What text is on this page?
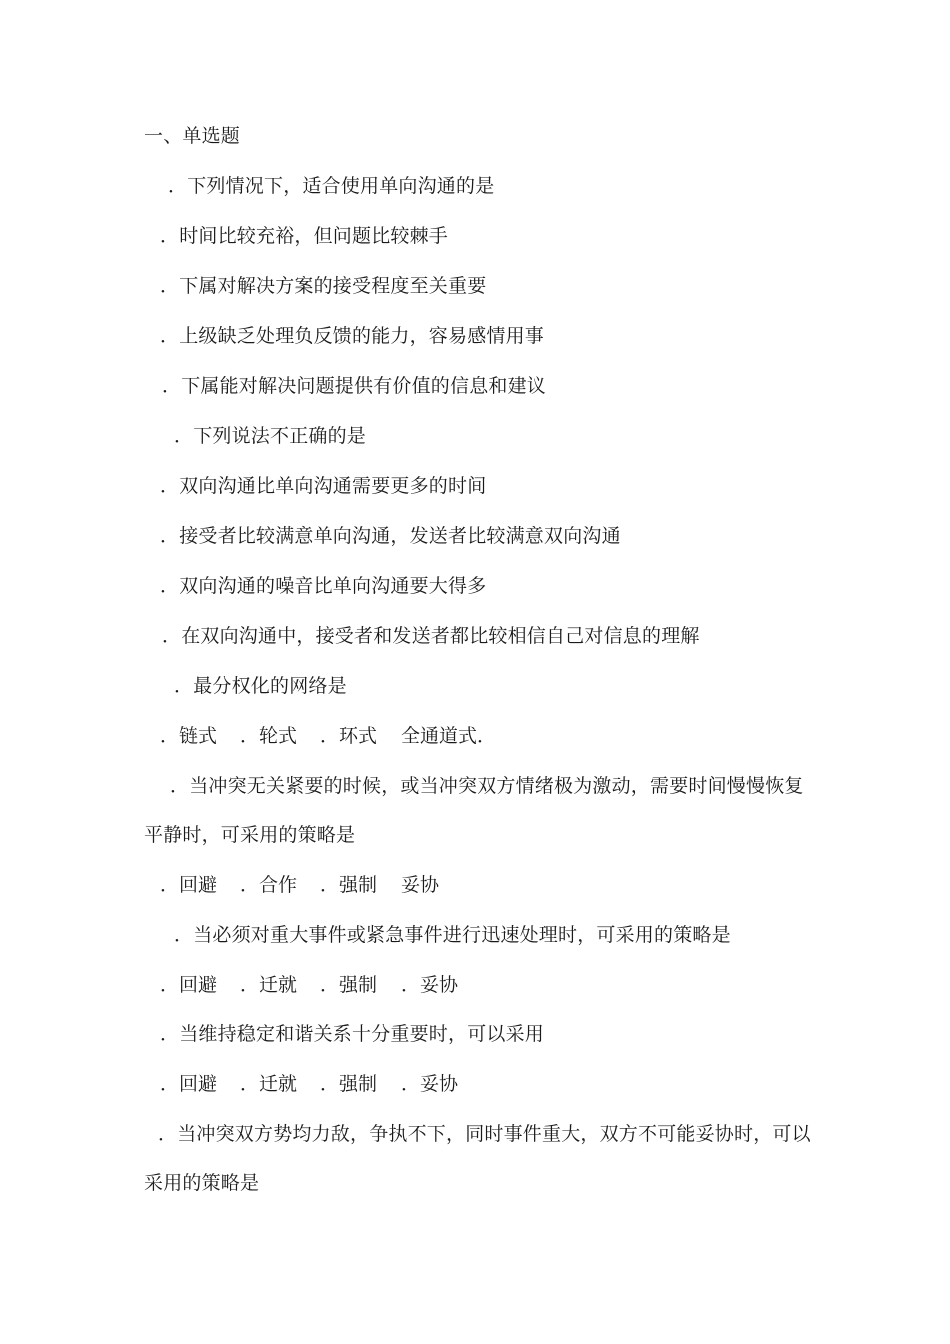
一、单选题
．下列情况下，适合使用单向沟通的是
．时间比较充裕，但问题比较棘手
．下属对解决方案的接受程度至关重要
．上级缺乏处理负反馈的能力，容易感情用事
．下属能对解决问题提供有价值的信息和建议
．下列说法不正确的是
．双向沟通比单向沟通需要更多的时间
．接受者比较满意单向沟通，发送者比较满意双向沟通
．双向沟通的噪音比单向沟通要大得多
．在双向沟通中，接受者和发送者都比较相信自己对信息的理解
．最分权化的网络是
．链式 ．轮式 ．环式 全通道式．
．当冲突无关紧要的时候，或当冲突双方情绪极为激动，需要时间慢慢恢复
平静时，可采用的策略是
．回避 ．合作 ．强制 妥协
．当必须对重大事件或紧急事件进行迅速处理时，可采用的策略是
．回避 ．迁就 ．强制 ．妥协
．当维持稳定和谐关系十分重要时，可以采用
．回避 ．迁就 ．强制 ．妥协
．当冲突双方势均力敌，争执不下，同时事件重大，双方不可能妥协时，可以
采用的策略是
